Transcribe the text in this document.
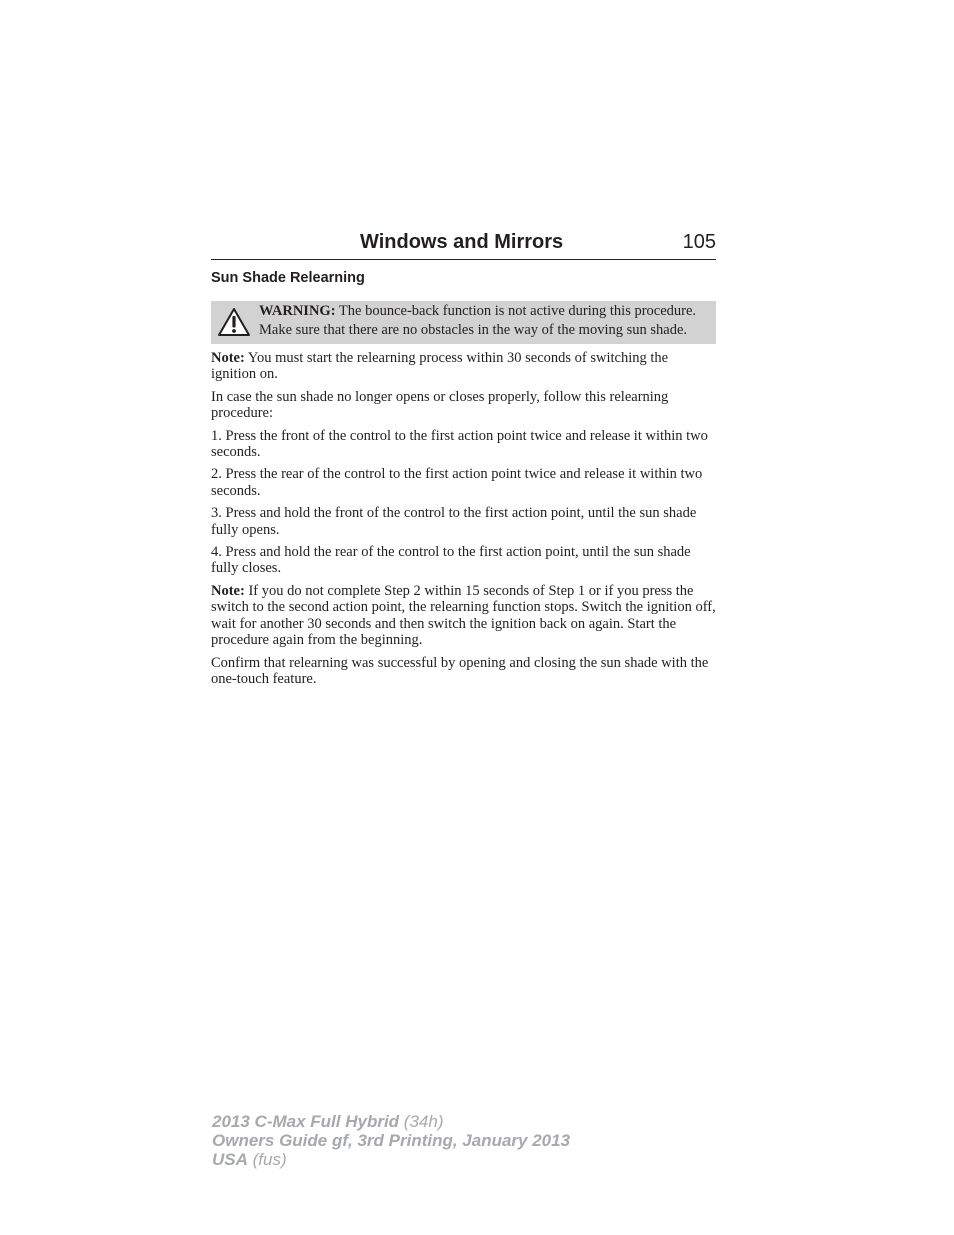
Windows and Mirrors	105
Sun Shade Relearning

WARNING: The bounce-back function is not active during this procedure. Make sure that there are no obstacles in the way of the moving sun shade.

Note: You must start the relearning process within 30 seconds of switching the ignition on.

In case the sun shade no longer opens or closes properly, follow this relearning procedure:

1. Press the front of the control to the first action point twice and release it within two seconds.

2. Press the rear of the control to the first action point twice and release it within two seconds.

3. Press and hold the front of the control to the first action point, until the sun shade fully opens.

4. Press and hold the rear of the control to the first action point, until the sun shade fully closes.

Note: If you do not complete Step 2 within 15 seconds of Step 1 or if you press the switch to the second action point, the relearning function stops. Switch the ignition off, wait for another 30 seconds and then switch the ignition back on again. Start the procedure again from the beginning.

Confirm that relearning was successful by opening and closing the sun shade with the one-touch feature.

2013 C-Max Full Hybrid (34h)
Owners Guide gf, 3rd Printing, January 2013
USA (fus)
